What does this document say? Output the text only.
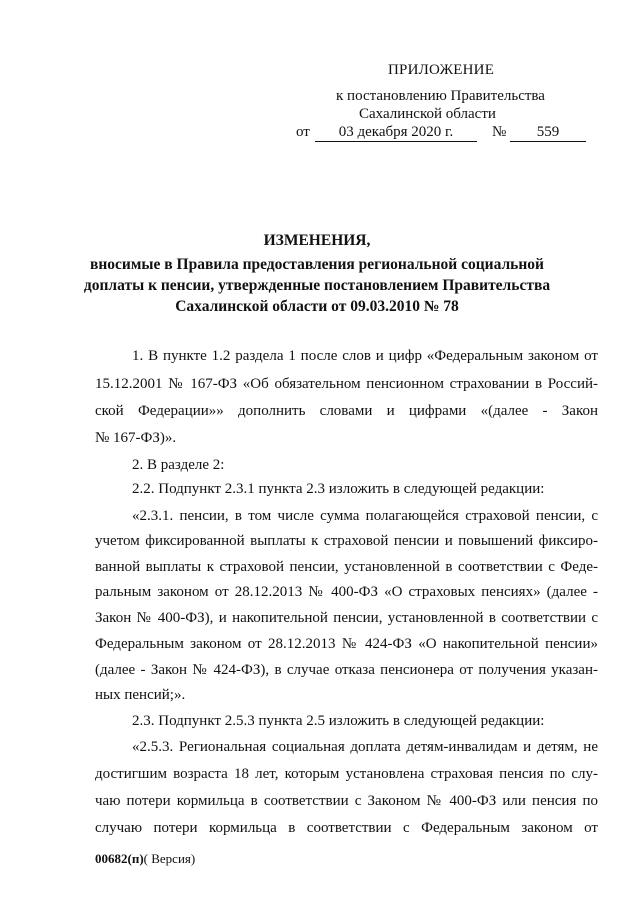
ПРИЛОЖЕНИЕ
к постановлению Правительства
Сахалинской области
от	03 декабря 2020 г.	№	559
ИЗМЕНЕНИЯ,
вносимые в Правила предоставления региональной социальной
доплаты к пенсии, утвержденные постановлением Правительства
Сахалинской области от 09.03.2010 № 78
1. В пункте 1.2 раздела 1 после слов и цифр «Федеральным законом от
15.12.2001 № 167-ФЗ «Об обязательном пенсионном страховании в Россий-
ской Федерации»» дополнить словами и цифрами «(далее - Закон
№ 167-ФЗ)».
2. В разделе 2:
2.2. Подпункт 2.3.1 пункта 2.3 изложить в следующей редакции:
«2.3.1. пенсии, в том числе сумма полагающейся страховой пенсии, с
учетом фиксированной выплаты к страховой пенсии и повышений фиксиро-
ванной выплаты к страховой пенсии, установленной в соответствии с Феде-
ральным законом от 28.12.2013 № 400-ФЗ «О страховых пенсиях» (далее -
Закон № 400-ФЗ), и накопительной пенсии, установленной в соответствии с
Федеральным законом от 28.12.2013 № 424-ФЗ «О накопительной пенсии»
(далее - Закон № 424-ФЗ), в случае отказа пенсионера от получения указан-
ных пенсий;».
2.3. Подпункт 2.5.3 пункта 2.5 изложить в следующей редакции:
«2.5.3. Региональная социальная доплата детям-инвалидам и детям, не
достигшим возраста 18 лет, которым установлена страховая пенсия по слу-
чаю потери кормильца в соответствии с Законом № 400-ФЗ или пенсия по
случаю потери кормильца в соответствии с Федеральным законом от
00682(п)( Версия)
